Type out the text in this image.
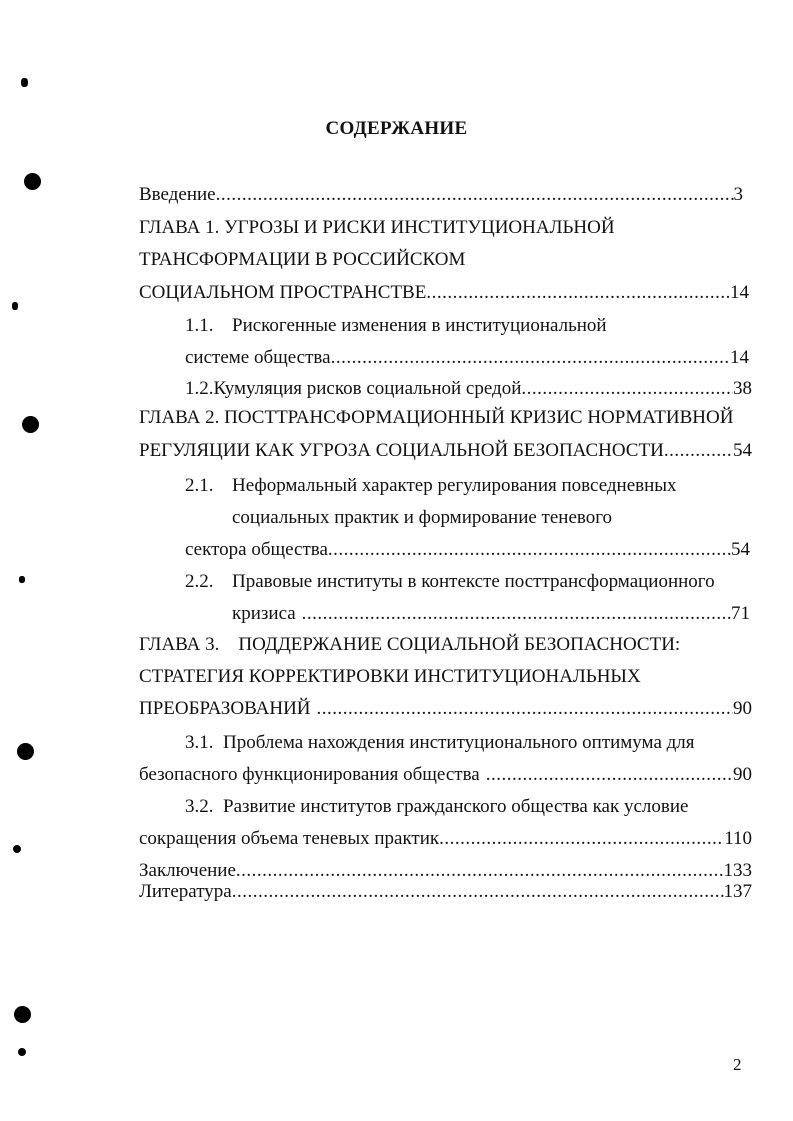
СОДЕРЖАНИЕ
Введение .....	3
ГЛАВА 1. УГРОЗЫ И РИСКИ ИНСТИТУЦИОНАЛЬНОЙ
ТРАНСФОРМАЦИИ В РОССИЙСКОМ
СОЦИАЛЬНОМ ПРОСТРАНСТВЕ .....	14
1.1. Рискогенные изменения в институциональной
системе общества .....	14
1.2. Кумуляция рисков социальной средой .....	38
ГЛАВА 2. ПОСТТРАНСФОРМАЦИОННЫЙ КРИЗИС НОРМАТИВНОЙ
РЕГУЛЯЦИИ КАК УГРОЗА СОЦИАЛЬНОЙ БЕЗОПАСНОСТИ .....	54
2.1. Неформальный характер регулирования повседневных
социальных практик и формирование теневого
сектора общества .....	54
2.2. Правовые институты в контексте посттрансформационного
кризиса .....	71
ГЛАВА 3.    ПОДДЕРЖАНИЕ СОЦИАЛЬНОЙ БЕЗОПАСНОСТИ:
СТРАТЕГИЯ КОРРЕКТИРОВКИ ИНСТИТУЦИОНАЛЬНЫХ
ПРЕОБРАЗОВАНИЙ .....	90
3.1.  Проблема нахождения институционального оптимума для
безопасного функционирования общества .....	90
3.2.  Развитие институтов гражданского общества как условие
сокращения объема теневых практик .....	110
Заключение .....	133
Литература .....	137
2
